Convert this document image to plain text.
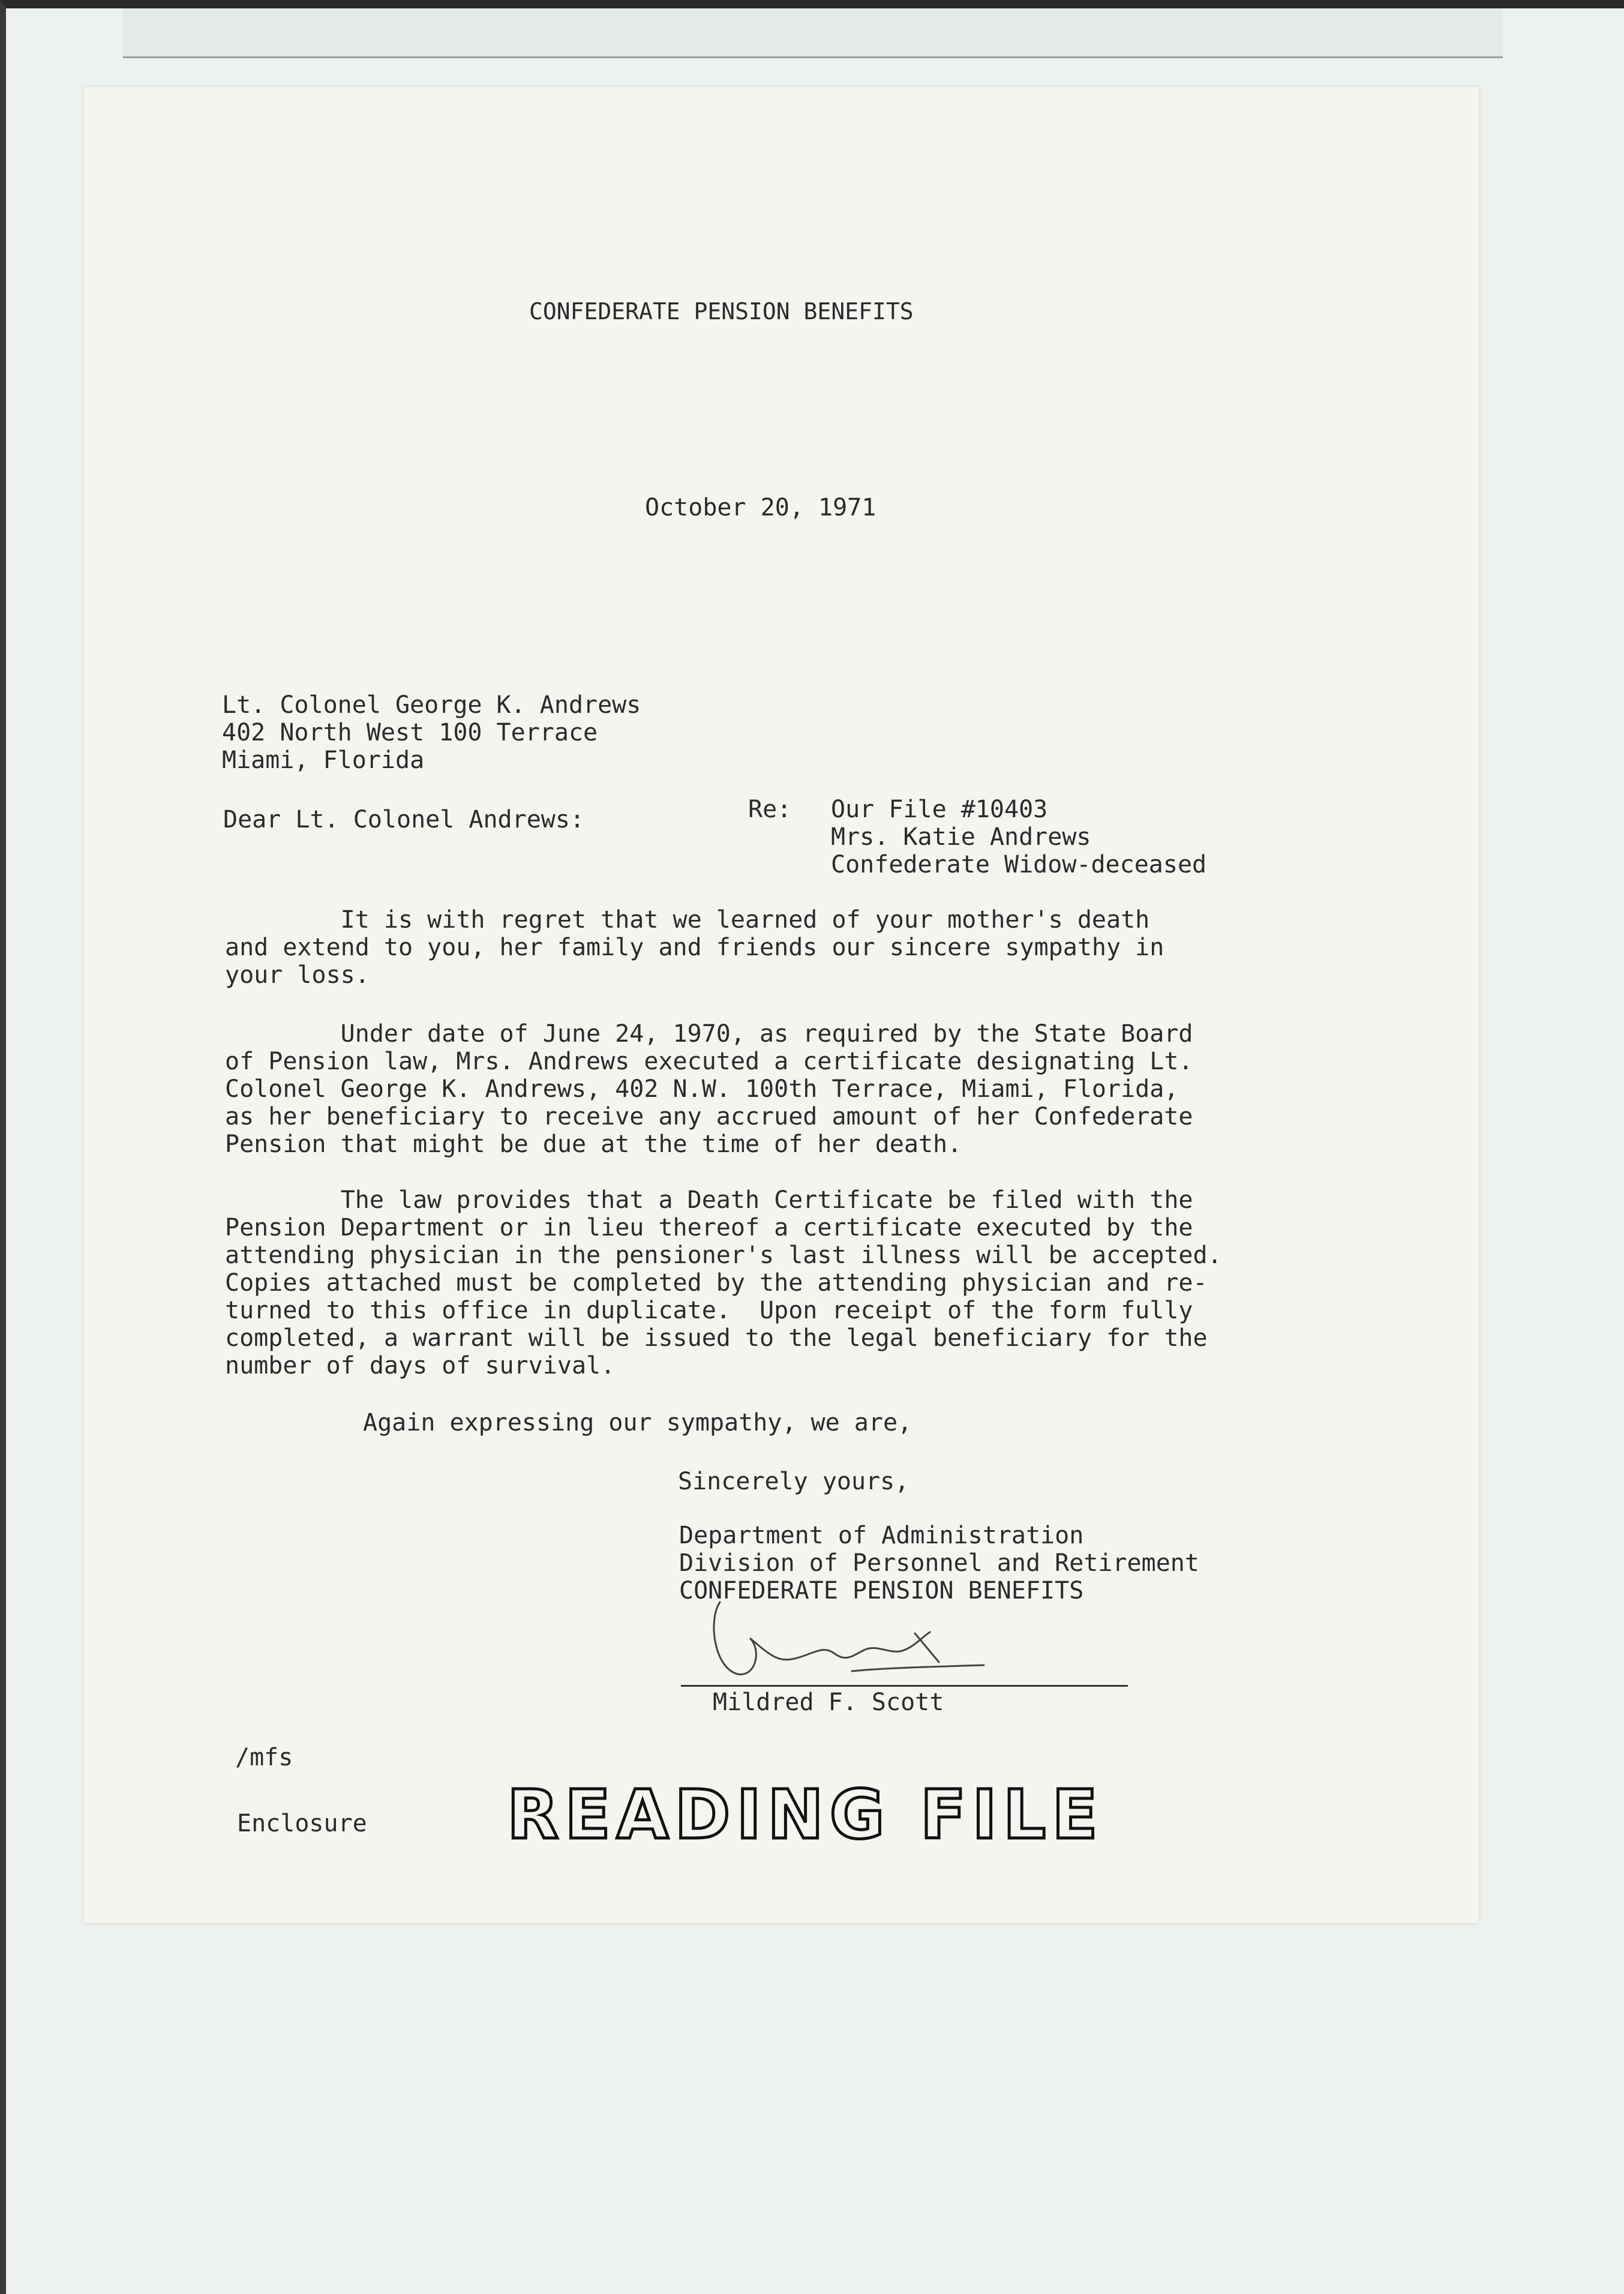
CONFEDERATE PENSION BENEFITS
October 20, 1971
Lt. Colonel George K. Andrews
402 North West 100 Terrace
Miami, Florida
Dear Lt. Colonel Andrews:	Re: Our File #10403
Mrs. Katie Andrews
Confederate Widow-deceased
It is with regret that we learned of your mother's death
and extend to you, her family and friends our sincere sympathy in
your loss.
Under date of June 24, 1970, as required by the State Board
of Pension law, Mrs. Andrews executed a certificate designating Lt.
Colonel George K. Andrews, 402 N.W. 100th Terrace, Miami, Florida,
as her beneficiary to receive any accrued amount of her Confederate
Pension that might be due at the time of her death.
The law provides that a Death Certificate be filed with the
Pension Department or in lieu thereof a certificate executed by the
attending physician in the pensioner's last illness will be accepted.
Copies attached must be completed by the attending physician and re-
turned to this office in duplicate.  Upon receipt of the form fully
completed, a warrant will be issued to the legal beneficiary for the
number of days of survival.
Again expressing our sympathy, we are,
Sincerely yours,
Department of Administration
Division of Personnel and Retirement
CONFEDERATE PENSION BENEFITS
Mildred F. Scott
/mfs
Enclosure READING FILE
